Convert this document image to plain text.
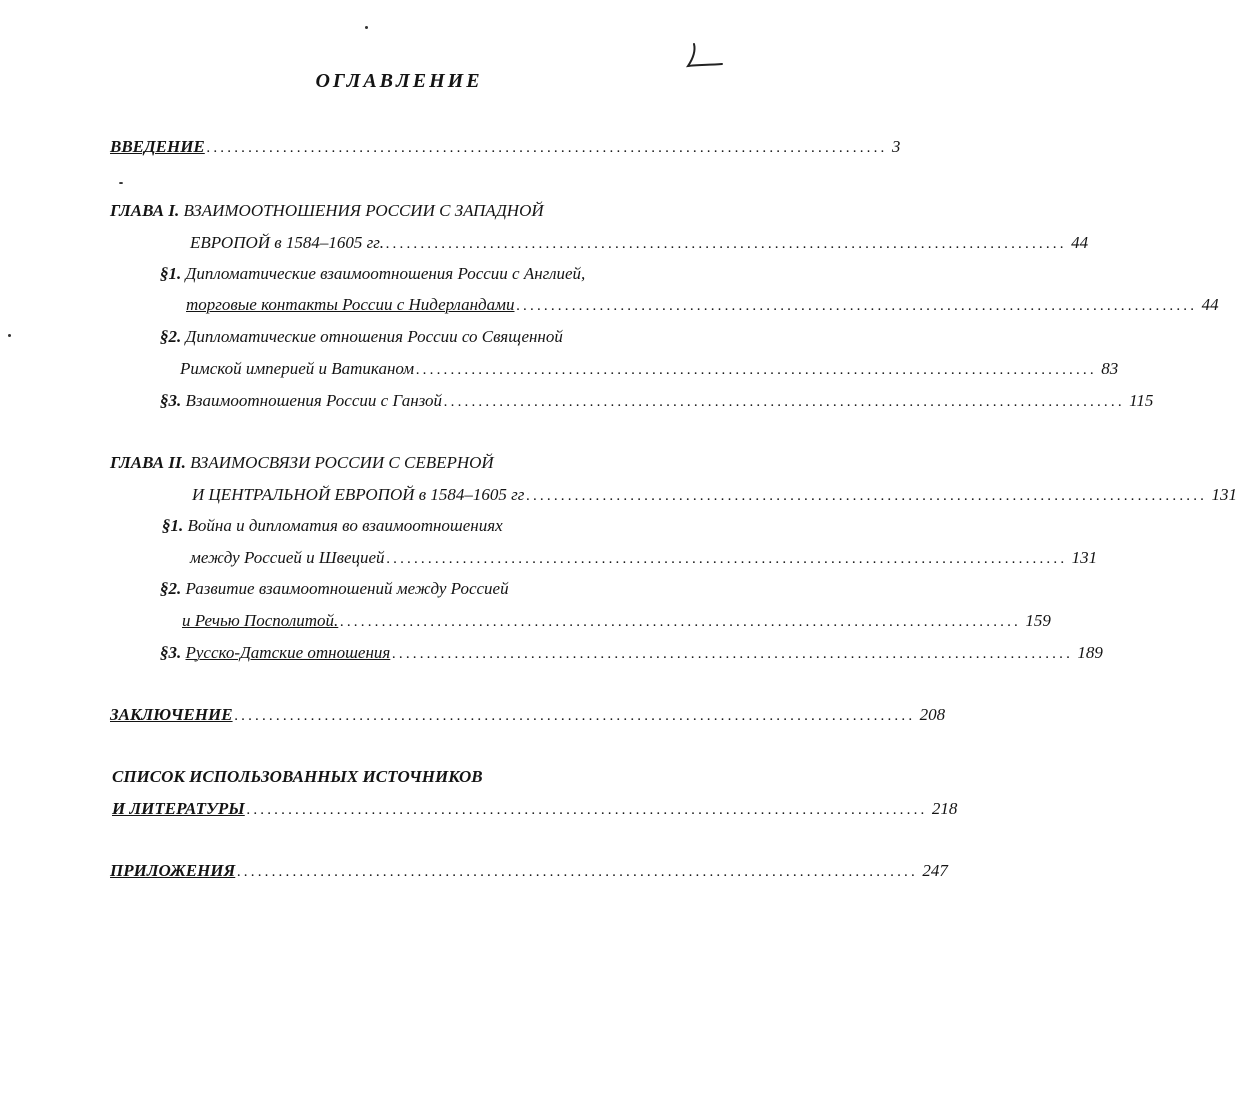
ОГЛАВЛЕНИЕ
ВВЕДЕНИЕ .................................................................................................. 3
ГЛАВА I. ВЗАИМООТНОШЕНИЯ РОССИИ С ЗАПАДНОЙ
ЕВРОПОЙ в 1584–1605 гг. .................................................................................................. 44
§1. Дипломатические взаимоотношения России с Англией,
торговые контакты России с Нидерландами .................................................................................................. 44
§2. Дипломатические отношения России со Священной
Римской империей и Ватиканом .................................................................................................. 83
§3. Взаимоотношения России с Ганзой .................................................................................................. 115
ГЛАВА II. ВЗАИМОСВЯЗИ РОССИИ С СЕВЕРНОЙ
И ЦЕНТРАЛЬНОЙ ЕВРОПОЙ в 1584–1605 гг .................................................................................................. 131
§1. Война и дипломатия во взаимоотношениях
между Россией и Швецией .................................................................................................. 131
§2. Развитие взаимоотношений между Россией
и Речью Посполитой. .................................................................................................. 159
§3. Русско-Датские отношения .................................................................................................. 189
ЗАКЛЮЧЕНИЕ .................................................................................................. 208
СПИСОК ИСПОЛЬЗОВАННЫХ ИСТОЧНИКОВ
И ЛИТЕРАТУРЫ .................................................................................................. 218
ПРИЛОЖЕНИЯ .................................................................................................. 247
